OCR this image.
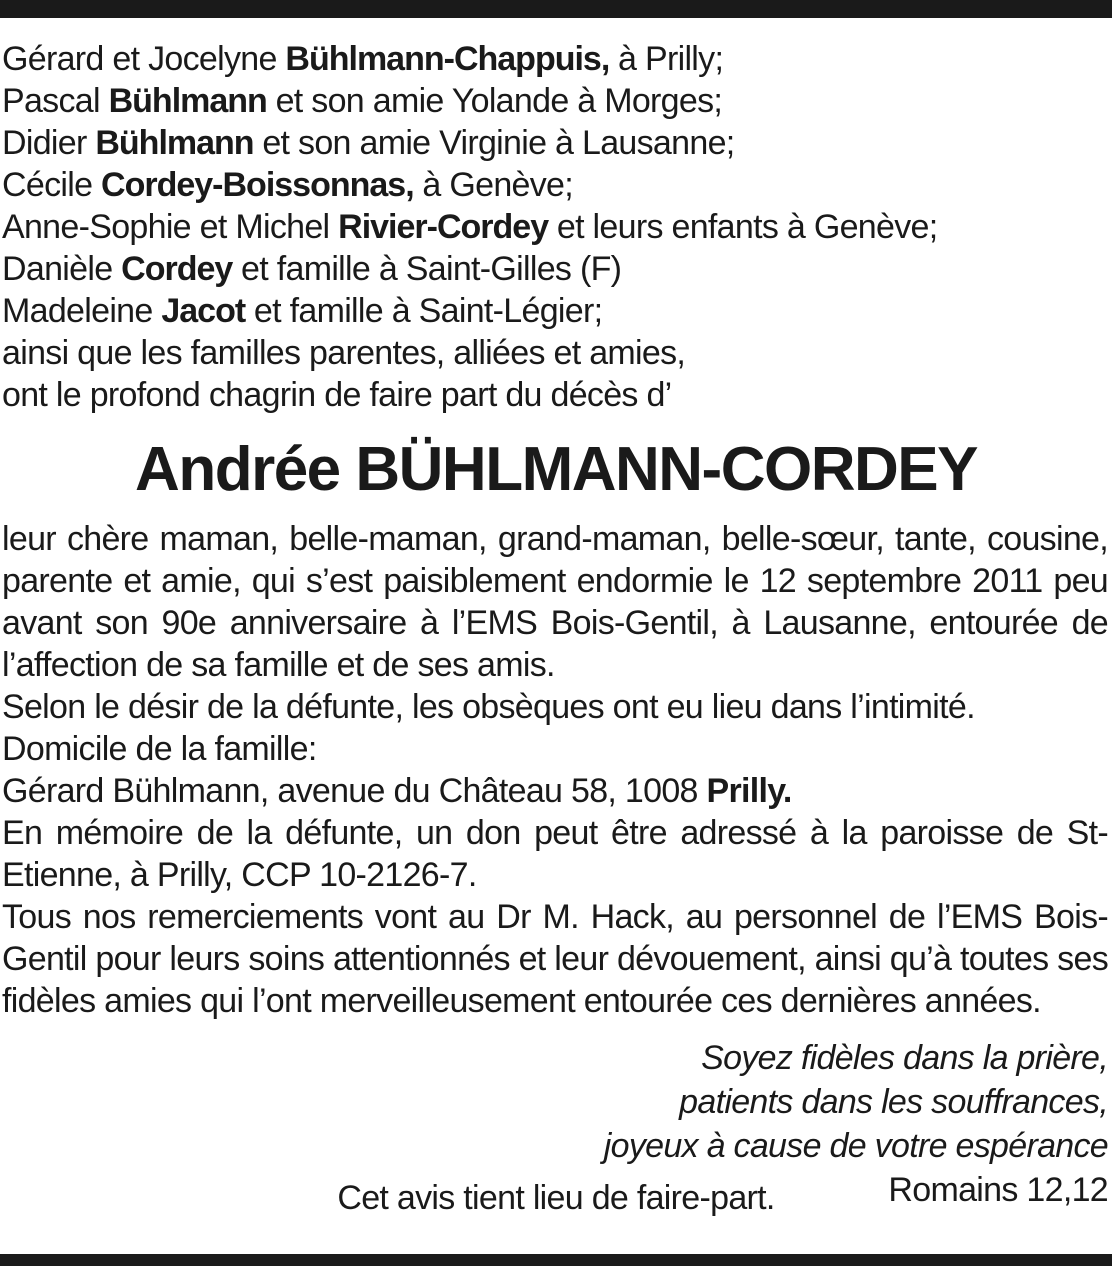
Gérard et Jocelyne Bühlmann-Chappuis, à Prilly;
Pascal Bühlmann et son amie Yolande à Morges;
Didier Bühlmann et son amie Virginie à Lausanne;
Cécile Cordey-Boissonnas, à Genève;
Anne-Sophie et Michel Rivier-Cordey et leurs enfants à Genève;
Danièle Cordey et famille à Saint-Gilles (F)
Madeleine Jacot et famille à Saint-Légier;
ainsi que les familles parentes, alliées et amies,
ont le profond chagrin de faire part du décès d’
Andrée BÜHLMANN-CORDEY

leur chère maman, belle-maman, grand-maman, belle-sœur, tante, cousine, parente et amie, qui s’est paisiblement endormie le 12 septembre 2011 peu avant son 90e anniversaire à l’EMS Bois-Gentil, à Lausanne, entourée de l’affection de sa famille et de ses amis.

Selon le désir de la défunte, les obsèques ont eu lieu dans l’intimité.

Domicile de la famille:

Gérard Bühlmann, avenue du Château 58, 1008 Prilly.

En mémoire de la défunte, un don peut être adressé à la paroisse de St-Etienne, à Prilly, CCP 10-2126-7.

Tous nos remerciements vont au Dr M. Hack, au personnel de l’EMS Bois-Gentil pour leurs soins attentionnés et leur dévouement, ainsi qu’à toutes ses fidèles amies qui l’ont merveilleusement entourée ces dernières années.

Soyez fidèles dans la prière,
patients dans les souffrances,
joyeux à cause de votre espérance
Romains 12,12
Cet avis tient lieu de faire-part.
